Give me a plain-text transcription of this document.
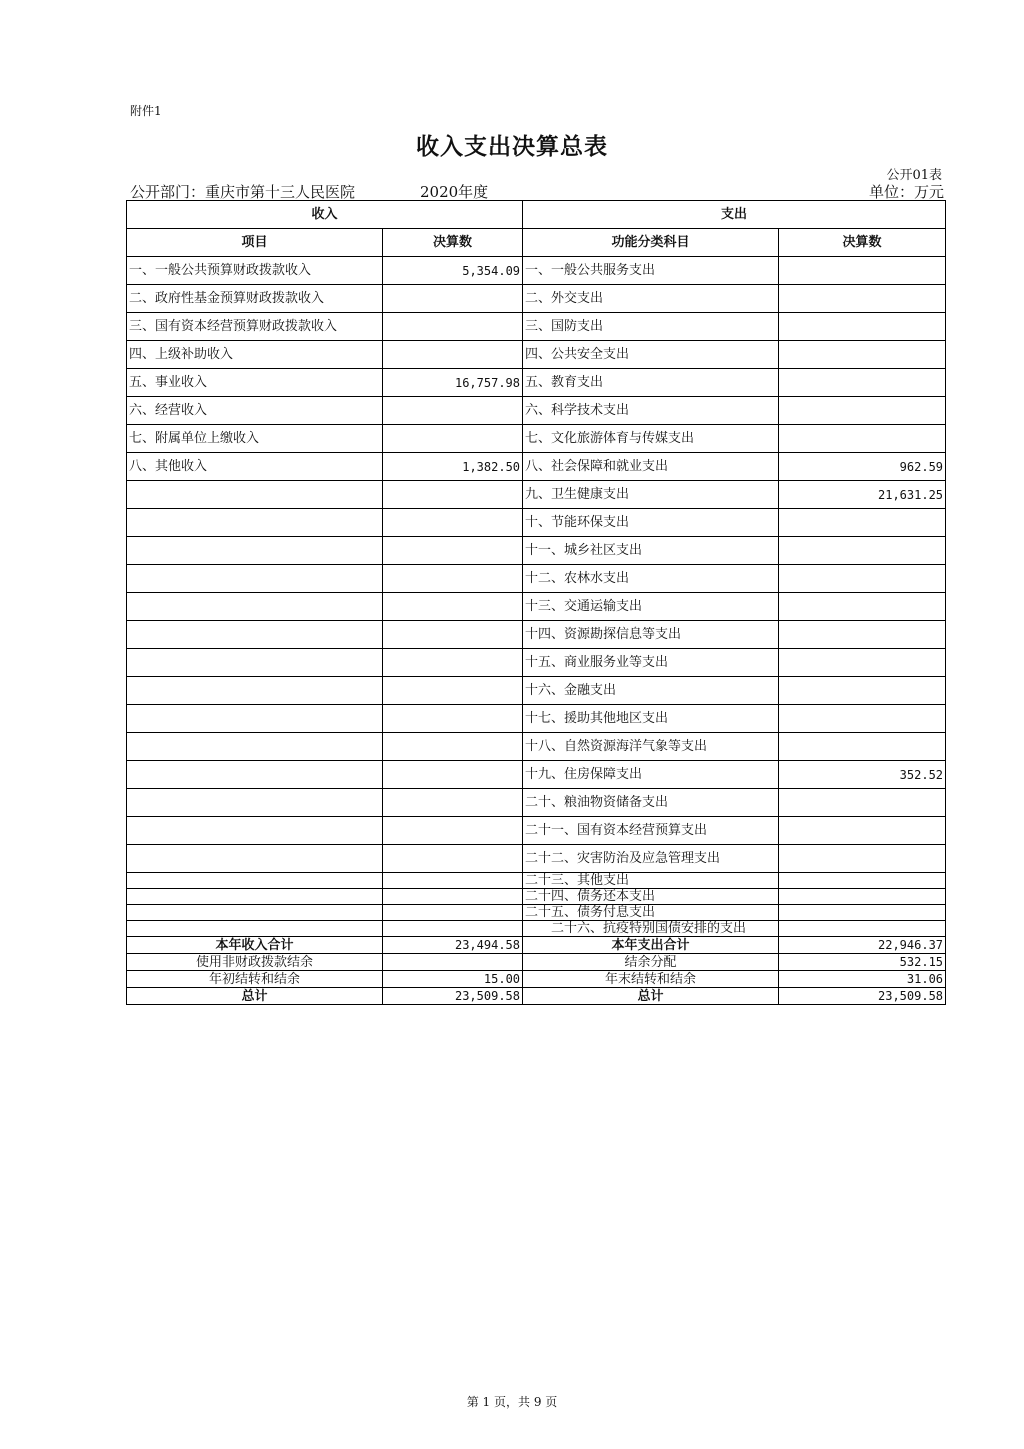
附件1
收入支出决算总表
公开01表
公开部门：重庆市第十三人民医院	2020年度	单位：万元
收入		支出	
项目	决算数	功能分类科目	决算数
一、一般公共预算财政拨款收入	5,354.09	一、一般公共服务支出	
二、政府性基金预算财政拨款收入		二、外交支出	
三、国有资本经营预算财政拨款收入		三、国防支出	
四、上级补助收入		四、公共安全支出	
五、事业收入	16,757.98	五、教育支出	
六、经营收入		六、科学技术支出	
七、附属单位上缴收入		七、文化旅游体育与传媒支出	
八、其他收入	1,382.50	八、社会保障和就业支出	962.59
		九、卫生健康支出	21,631.25
		十、节能环保支出	
		十一、城乡社区支出	
		十二、农林水支出	
		十三、交通运输支出	
		十四、资源勘探信息等支出	
		十五、商业服务业等支出	
		十六、金融支出	
		十七、援助其他地区支出	
		十八、自然资源海洋气象等支出	
		十九、住房保障支出	352.52
		二十、粮油物资储备支出	
		二十一、国有资本经营预算支出	
		二十二、灾害防治及应急管理支出	
		二十三、其他支出	
		二十四、债务还本支出	
		二十五、债务付息支出	
		二十六、抗疫特别国债安排的支出	
本年收入合计	23,494.58	本年支出合计	22,946.37
使用非财政拨款结余		结余分配	532.15
年初结转和结余	15.00	年末结转和结余	31.06
总计	23,509.58	总计	23,509.58
第 1 页，共 9 页
